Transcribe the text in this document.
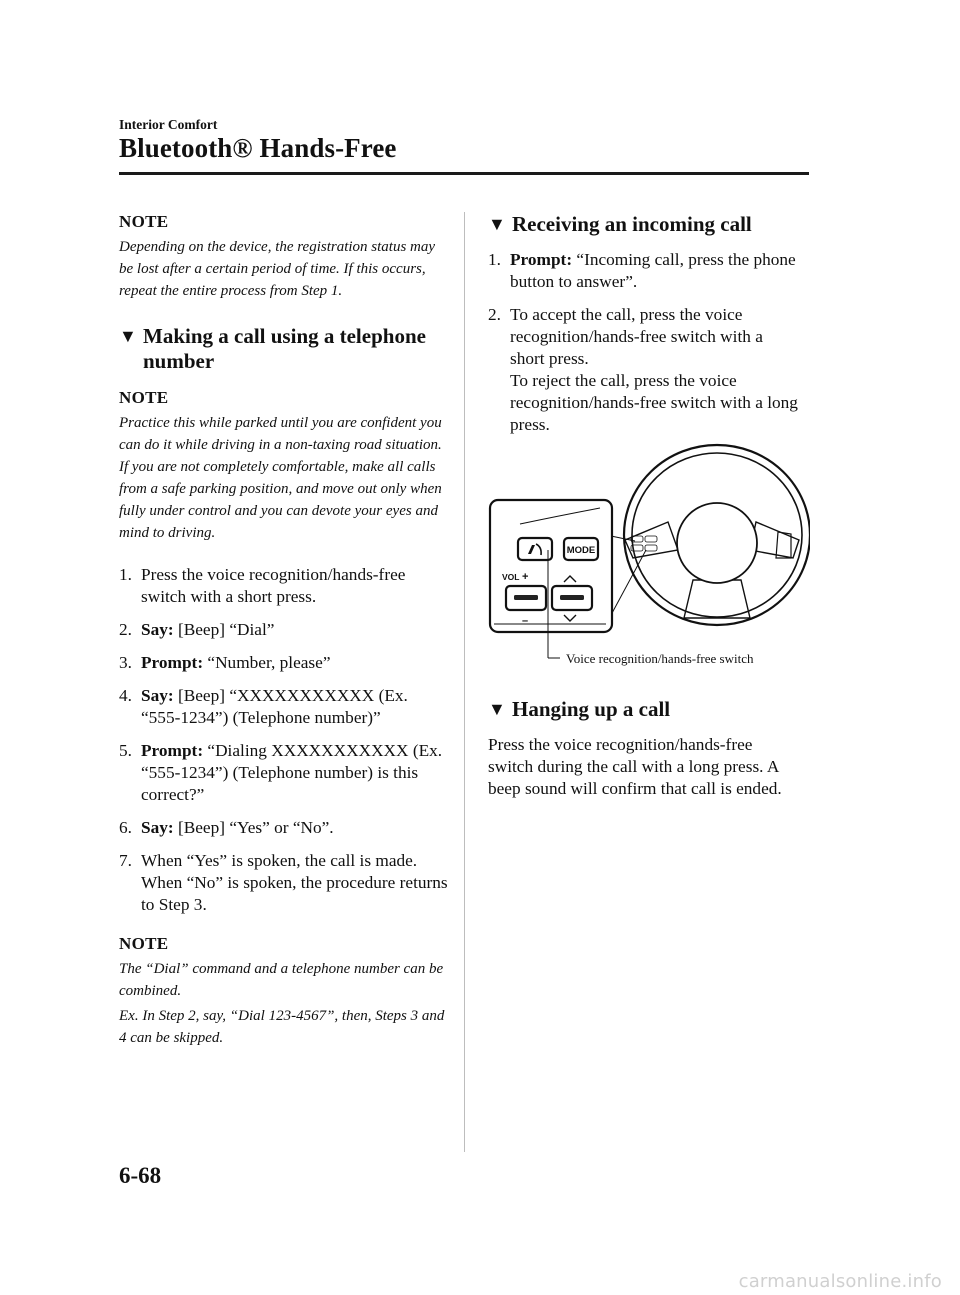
Interior Comfort
Bluetooth® Hands-Free

NOTE

Depending on the device, the registration status may be lost after a certain period of time. If this occurs, repeat the entire process from Step 1.

▼ Making a call using a telephone number

NOTE

Practice this while parked until you are confident you can do it while driving in a non-taxing road situation. If you are not completely comfortable, make all calls from a safe parking position, and move out only when fully under control and you can devote your eyes and mind to driving.

1. Press the voice recognition/hands-free switch with a short press.
2. Say: [Beep] “Dial”
3. Prompt: “Number, please”
4. Say: [Beep] “XXXXXXXXXXX (Ex. “555-1234”) (Telephone number)”
5. Prompt: “Dialing XXXXXXXXXXX (Ex. “555-1234”) (Telephone number) is this correct?”
6. Say: [Beep] “Yes” or “No”.
7. When “Yes” is spoken, the call is made.
When “No” is spoken, the procedure returns to Step 3.

NOTE

The “Dial” command and a telephone number can be combined.

Ex. In Step 2, say, “Dial 123-4567”, then, Steps 3 and 4 can be skipped.

▼ Receiving an incoming call
1. Prompt: “Incoming call, press the phone button to answer”.
2. To accept the call, press the voice recognition/hands-free switch with a short press.
To reject the call, press the voice recognition/hands-free switch with a long press.
MODE
VOL +
–
Voice recognition/hands-free switch
▼ Hanging up a call

Press the voice recognition/hands-free switch during the call with a long press. A beep sound will confirm that call is ended.

6-68
carmanualsonline.info
